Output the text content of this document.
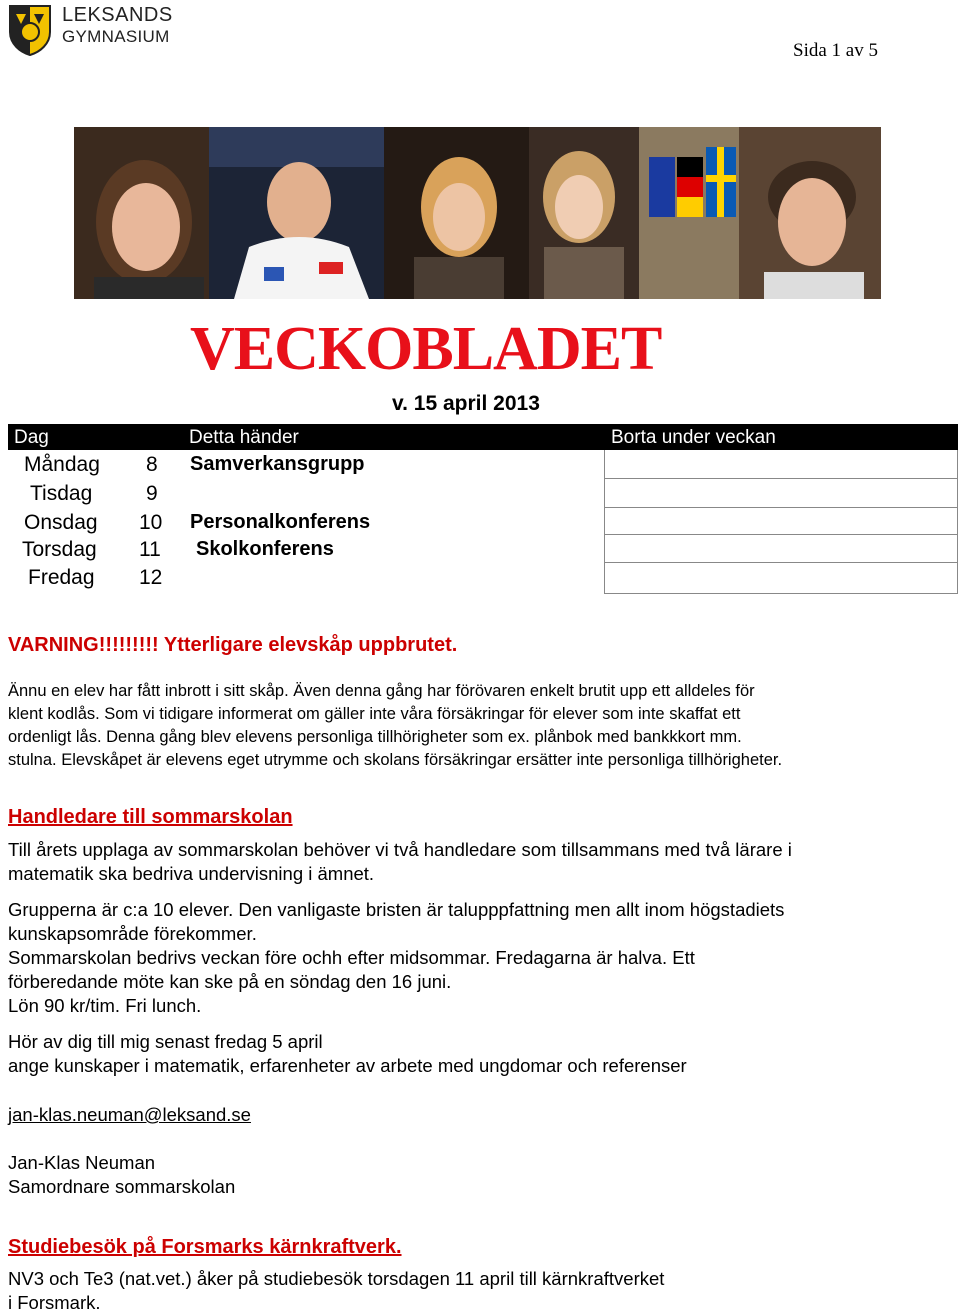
LEKSANDS
GYMNASIUM
Sida 1 av 5
VECKOBLADET
v. 15 april 2013
Dag	Detta händer	Borta under veckan
Måndag 8 Samverkansgrupp
Tisdag	9
Onsdag 10 Personalkonferens
Torsdag 11 Skolkonferens
Fredag 12
VARNING!!!!!!!!! Ytterligare elevskåp uppbrutet.
Ännu en elev har fått inbrott i sitt skåp. Även denna gång har förövaren enkelt brutit upp ett alldeles för
klent kodlås. Som vi tidigare informerat om gäller inte våra försäkringar för elever som inte skaffat ett
ordenligt lås. Denna gång blev elevens personliga tillhörigheter som ex. plånbok med bankkkort mm.
stulna. Elevskåpet är elevens eget utrymme och skolans försäkringar ersätter inte personliga tillhörigheter.
Handledare till sommarskolan
Till årets upplaga av sommarskolan behöver vi två handledare som tillsammans med två lärare i
matematik ska bedriva undervisning i ämnet.
Grupperna är c:a 10 elever. Den vanligaste bristen är talupppfattning men allt inom högstadiets
kunskapsområde förekommer.
Sommarskolan bedrivs veckan före ochh efter midsommar. Fredagarna är halva. Ett
förberedande möte kan ske på en söndag den 16 juni.
Lön 90 kr/tim. Fri lunch.
Hör av dig till mig senast fredag 5 april
ange kunskaper i matematik, erfarenheter av arbete med ungdomar och referenser
jan-klas.neuman@leksand.se
Jan-Klas Neuman
Samordnare sommarskolan
Studiebesök på Forsmarks kärnkraftverk.
NV3 och Te3 (nat.vet.) åker på studiebesök torsdagen 11 april till kärnkraftverket
i Forsmark.
